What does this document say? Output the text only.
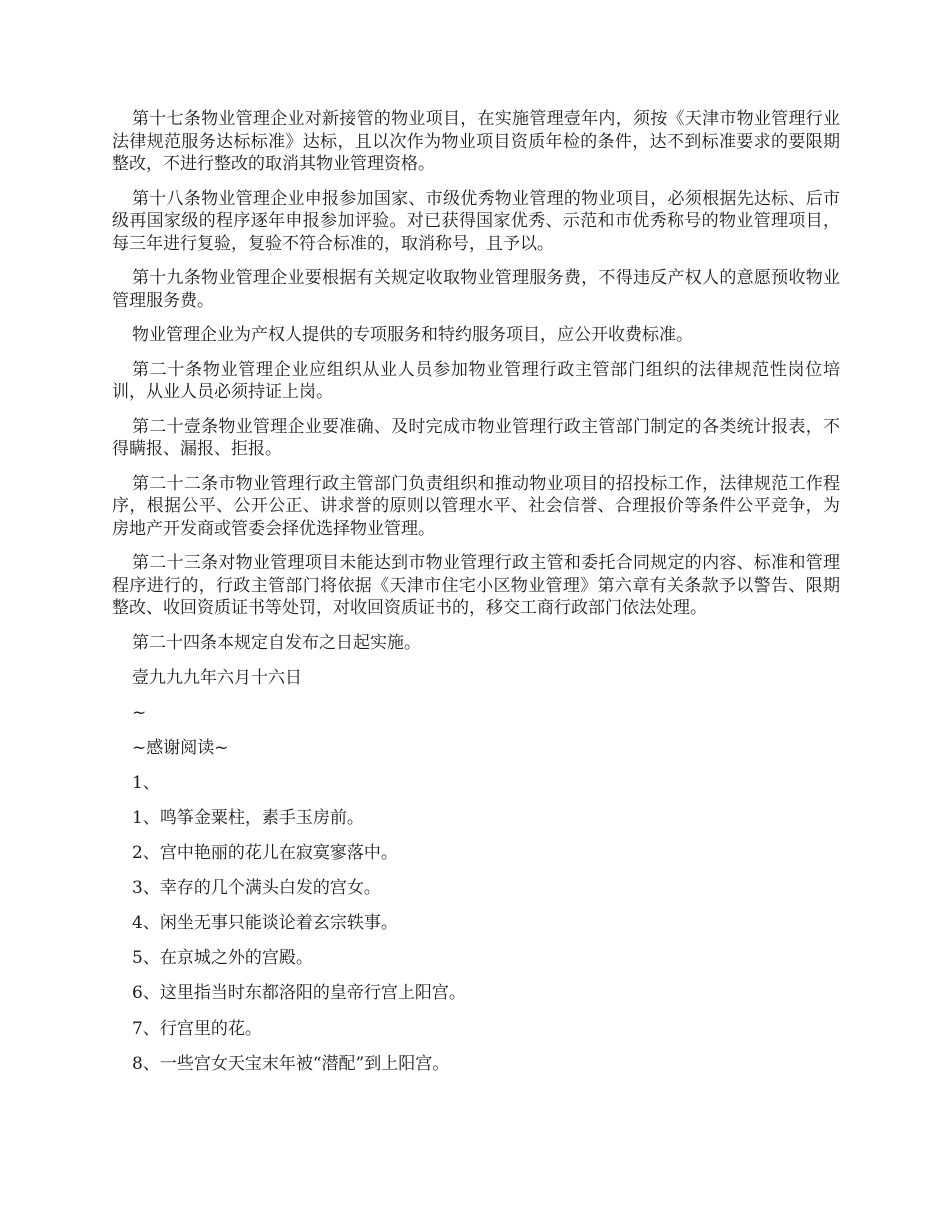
第十七条物业管理企业对新接管的物业项目，在实施管理壹年内，须按《天津市物业管理行业法律规范服务达标标准》达标，且以次作为物业项目资质年检的条件，达不到标准要求的要限期整改，不进行整改的取消其物业管理资格。

第十八条物业管理企业申报参加国家、市级优秀物业管理的物业项目，必须根据先达标、后市级再国家级的程序逐年申报参加评验。对已获得国家优秀、示范和市优秀称号的物业管理项目，每三年进行复验，复验不符合标准的，取消称号，且予以。

第十九条物业管理企业要根据有关规定收取物业管理服务费，不得违反产权人的意愿预收物业管理服务费。

物业管理企业为产权人提供的专项服务和特约服务项目，应公开收费标准。

第二十条物业管理企业应组织从业人员参加物业管理行政主管部门组织的法律规范性岗位培训，从业人员必须持证上岗。

第二十壹条物业管理企业要准确、及时完成市物业管理行政主管部门制定的各类统计报表，不得瞒报、漏报、拒报。

第二十二条市物业管理行政主管部门负责组织和推动物业项目的招投标工作，法律规范工作程序，根据公平、公开公正、讲求誉的原则以管理水平、社会信誉、合理报价等条件公平竞争，为房地产开发商或管委会择优选择物业管理。

第二十三条对物业管理项目未能达到市物业管理行政主管和委托合同规定的内容、标准和管理程序进行的，行政主管部门将依据《天津市住宅小区物业管理》第六章有关条款予以警告、限期整改、收回资质证书等处罚，对收回资质证书的，移交工商行政部门依法处理。

第二十四条本规定自发布之日起实施。

壹九九九年六月十六日

~

~感谢阅读~

1、

1、鸣筝金粟柱，素手玉房前。

2、宫中艳丽的花儿在寂寞寥落中。

3、幸存的几个满头白发的宫女。

4、闲坐无事只能谈论着玄宗轶事。

5、在京城之外的宫殿。

6、这里指当时东都洛阳的皇帝行宫上阳宫。

7、行宫里的花。

8、一些宫女天宝末年被“潜配”到上阳宫。
